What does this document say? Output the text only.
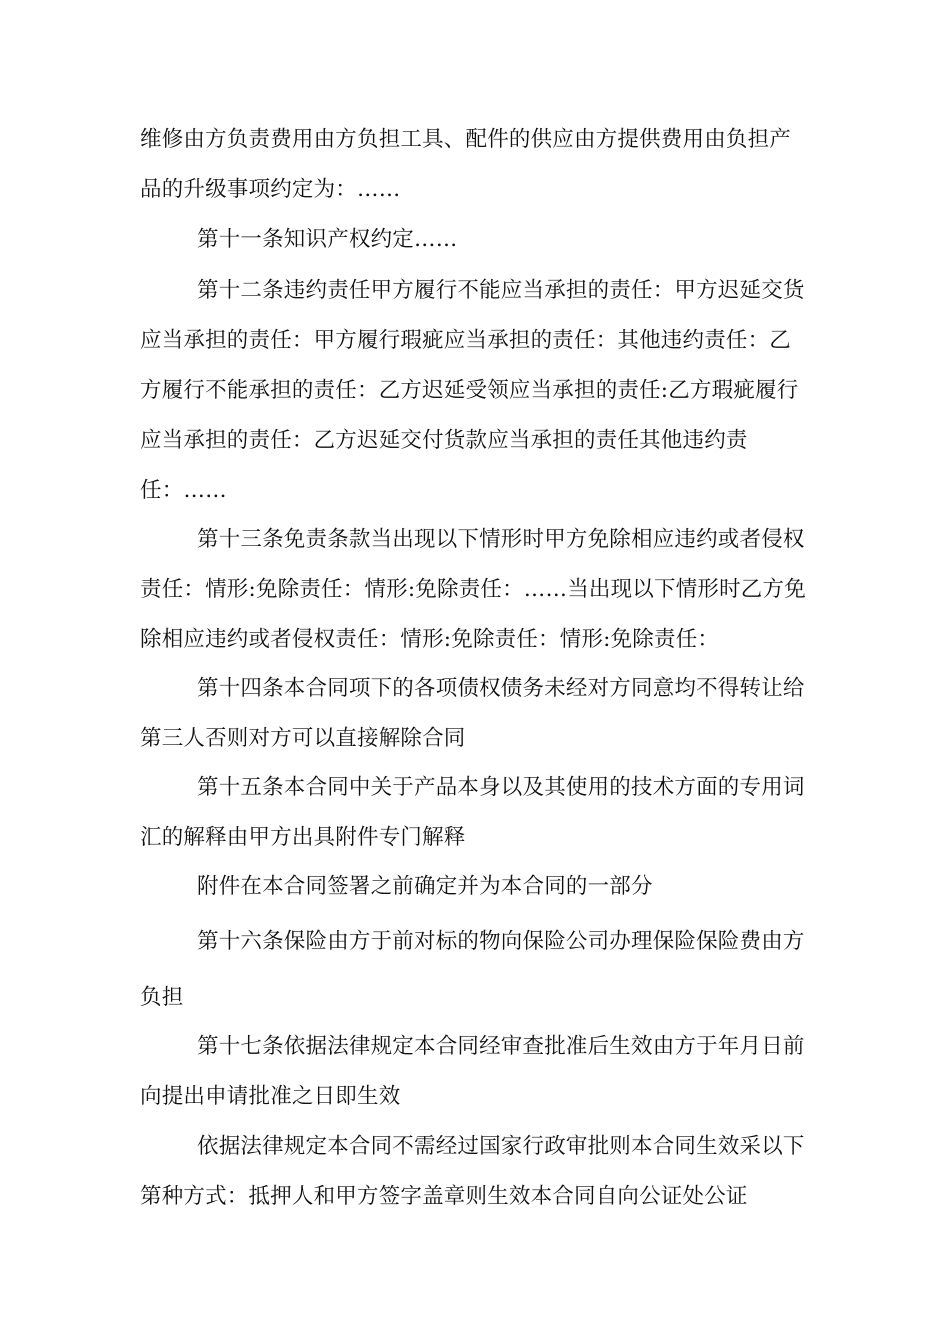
维修由方负责费用由方负担工具、配件的供应由方提供费用由负担产品的升级事项约定为：……

第十一条知识产权约定……

第十二条违约责任甲方履行不能应当承担的责任：甲方迟延交货应当承担的责任：甲方履行瑕疵应当承担的责任：其他违约责任：乙方履行不能承担的责任：乙方迟延受领应当承担的责任:乙方瑕疵履行应当承担的责任：乙方迟延交付货款应当承担的责任其他违约责任：……

第十三条免责条款当出现以下情形时甲方免除相应违约或者侵权责任：情形:免除责任：情形:免除责任：……当出现以下情形时乙方免除相应违约或者侵权责任：情形:免除责任：情形:免除责任：

第十四条本合同项下的各项债权债务未经对方同意均不得转让给第三人否则对方可以直接解除合同

第十五条本合同中关于产品本身以及其使用的技术方面的专用词汇的解释由甲方出具附件专门解释

附件在本合同签署之前确定并为本合同的一部分

第十六条保险由方于前对标的物向保险公司办理保险保险费由方负担

第十七条依据法律规定本合同经审查批准后生效由方于年月日前向提出申请批准之日即生效

依据法律规定本合同不需经过国家行政审批则本合同生效采以下第种方式：抵押人和甲方签字盖章则生效本合同自向公证处公证
